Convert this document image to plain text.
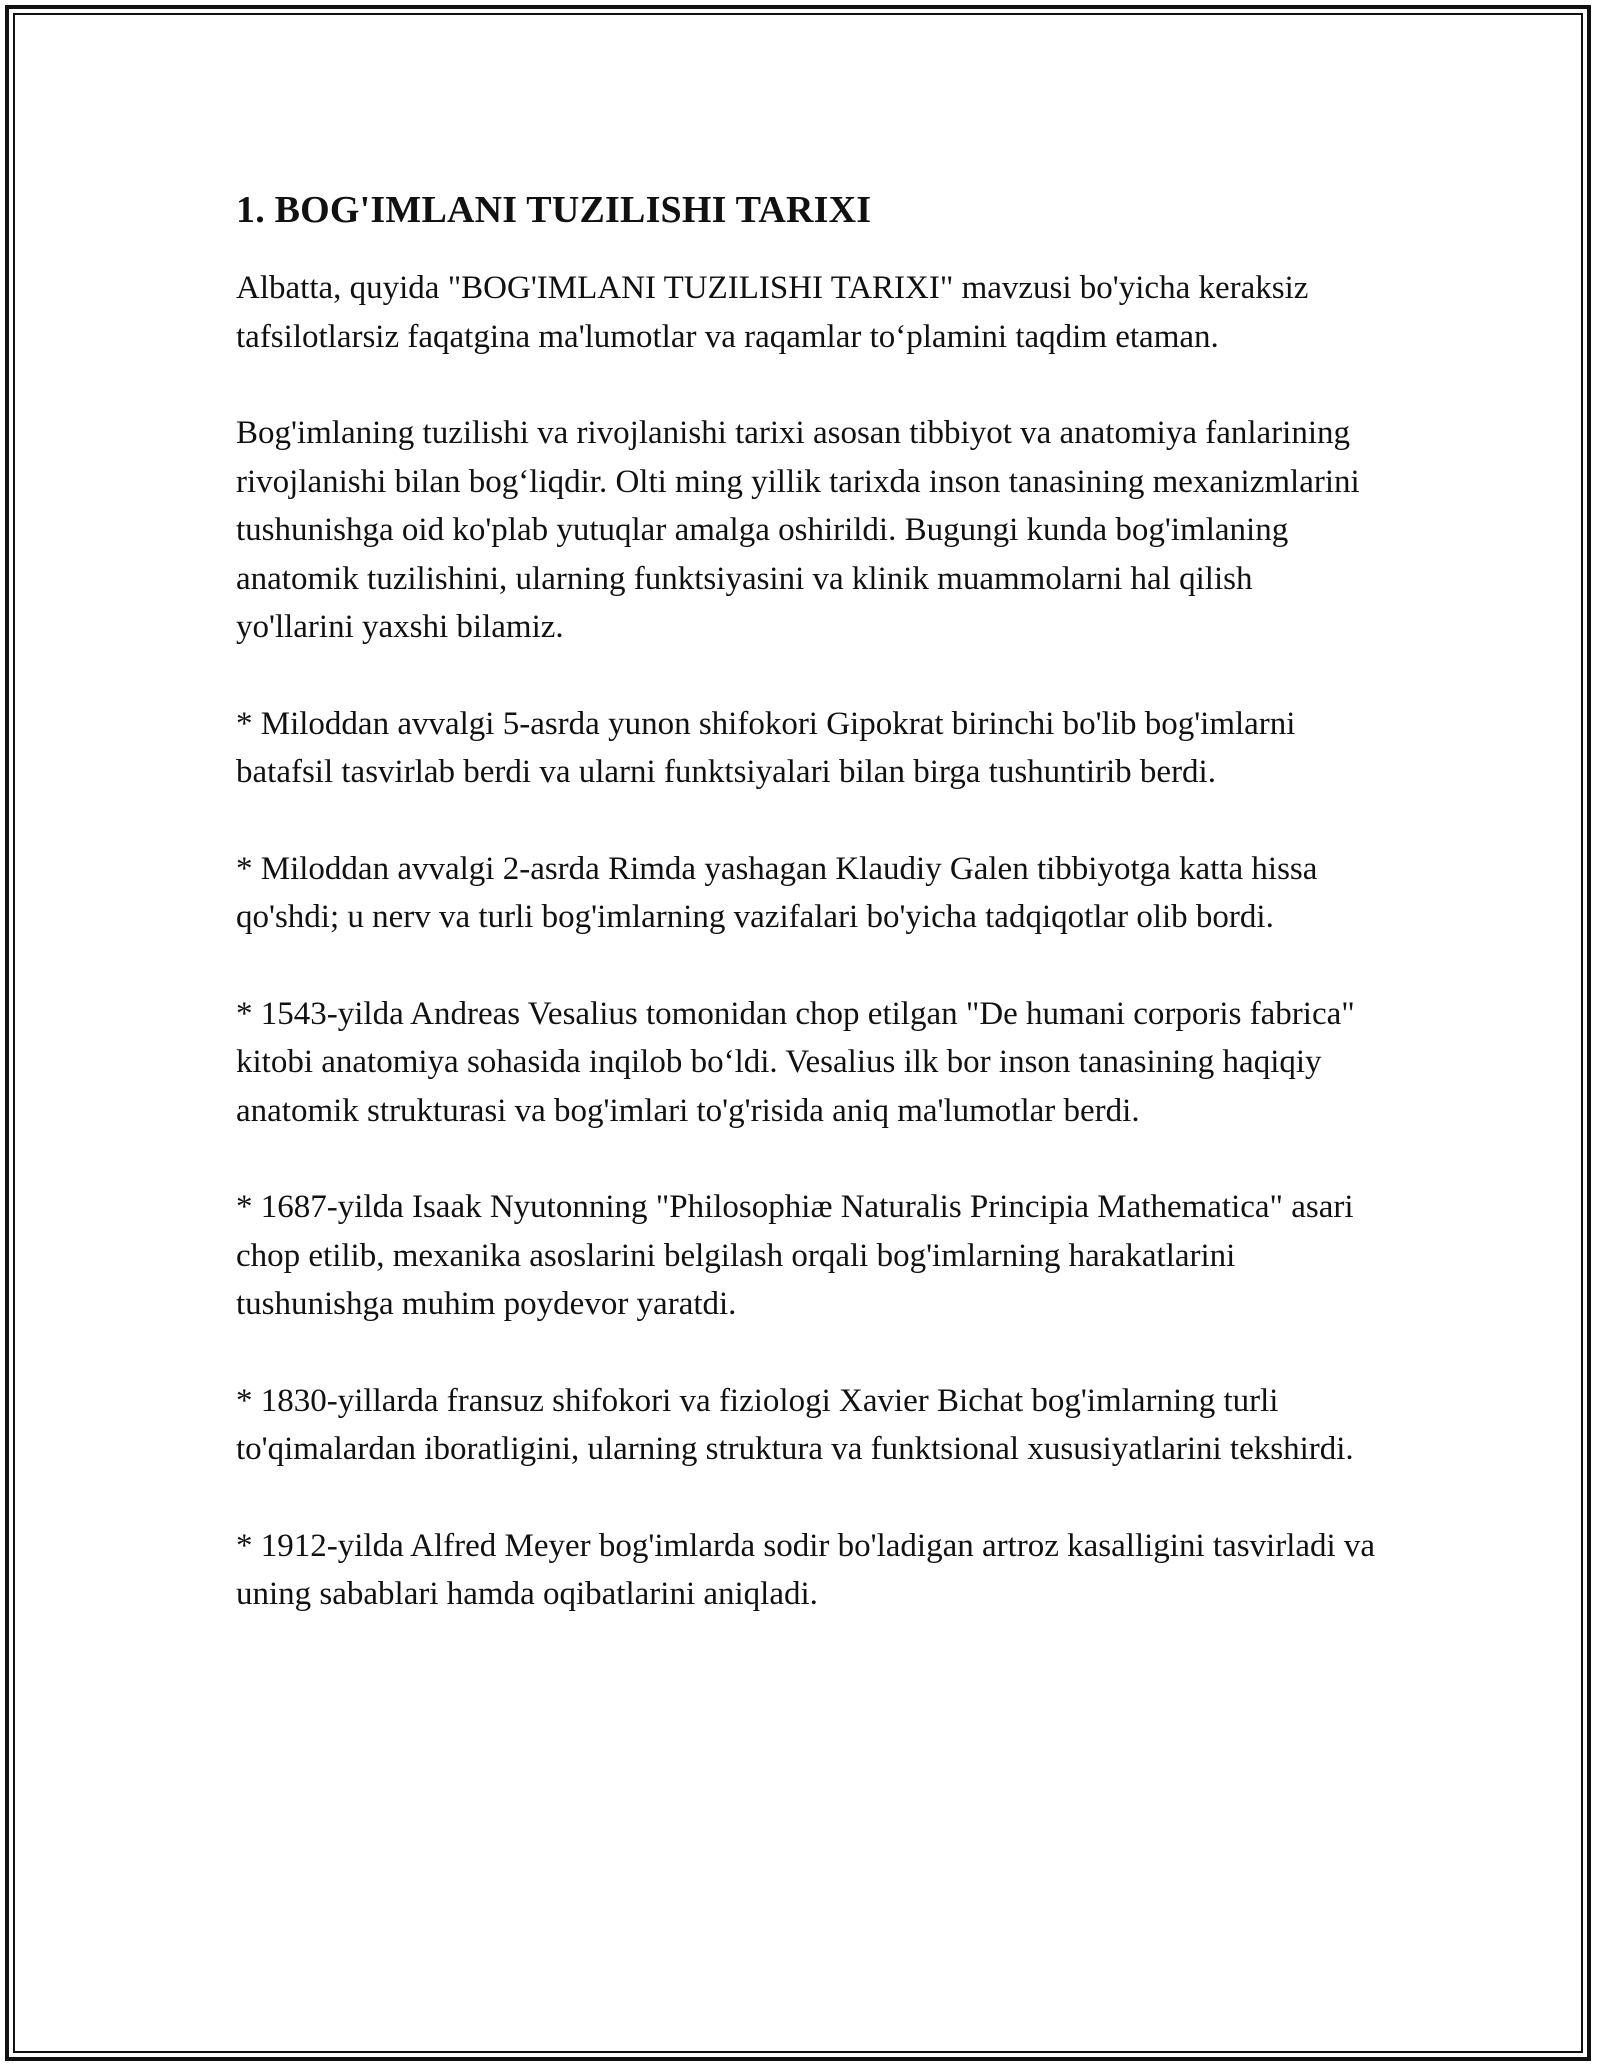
1. BOG'IMLANI TUZILISHI TARIXI

Albatta, quyida "BOG'IMLANI TUZILISHI TARIXI" mavzusi bo'yicha keraksiz tafsilotlarsiz faqatgina ma'lumotlar va raqamlar to‘plamini taqdim etaman.

Bog'imlaning tuzilishi va rivojlanishi tarixi asosan tibbiyot va anatomiya fanlarining rivojlanishi bilan bog‘liqdir. Olti ming yillik tarixda inson tanasining mexanizmlarini tushunishga oid ko'plab yutuqlar amalga oshirildi. Bugungi kunda bog'imlaning anatomik tuzilishini, ularning funktsiyasini va klinik muammolarni hal qilish yo'llarini yaxshi bilamiz.

* Miloddan avvalgi 5-asrda yunon shifokori Gipokrat birinchi bo'lib bog'imlarni batafsil tasvirlab berdi va ularni funktsiyalari bilan birga tushuntirib berdi.

* Miloddan avvalgi 2-asrda Rimda yashagan Klaudiy Galen tibbiyotga katta hissa qo'shdi; u nerv va turli bog'imlarning vazifalari bo'yicha tadqiqotlar olib bordi.

* 1543-yilda Andreas Vesalius tomonidan chop etilgan "De humani corporis fabrica" kitobi anatomiya sohasida inqilob bo‘ldi. Vesalius ilk bor inson tanasining haqiqiy anatomik strukturasi va bog'imlari to'g'risida aniq ma'lumotlar berdi.

* 1687-yilda Isaak Nyutonning "Philosophiæ Naturalis Principia Mathematica" asari chop etilib, mexanika asoslarini belgilash orqali bog'imlarning harakatlarini tushunishga muhim poydevor yaratdi.

* 1830-yillarda fransuz shifokori va fiziologi Xavier Bichat bog'imlarning turli to'qimalardan iboratligini, ularning struktura va funktsional xususiyatlarini tekshirdi.

* 1912-yilda Alfred Meyer bog'imlarda sodir bo'ladigan artroz kasalligini tasvirladi va uning sabablari hamda oqibatlarini aniqladi.
